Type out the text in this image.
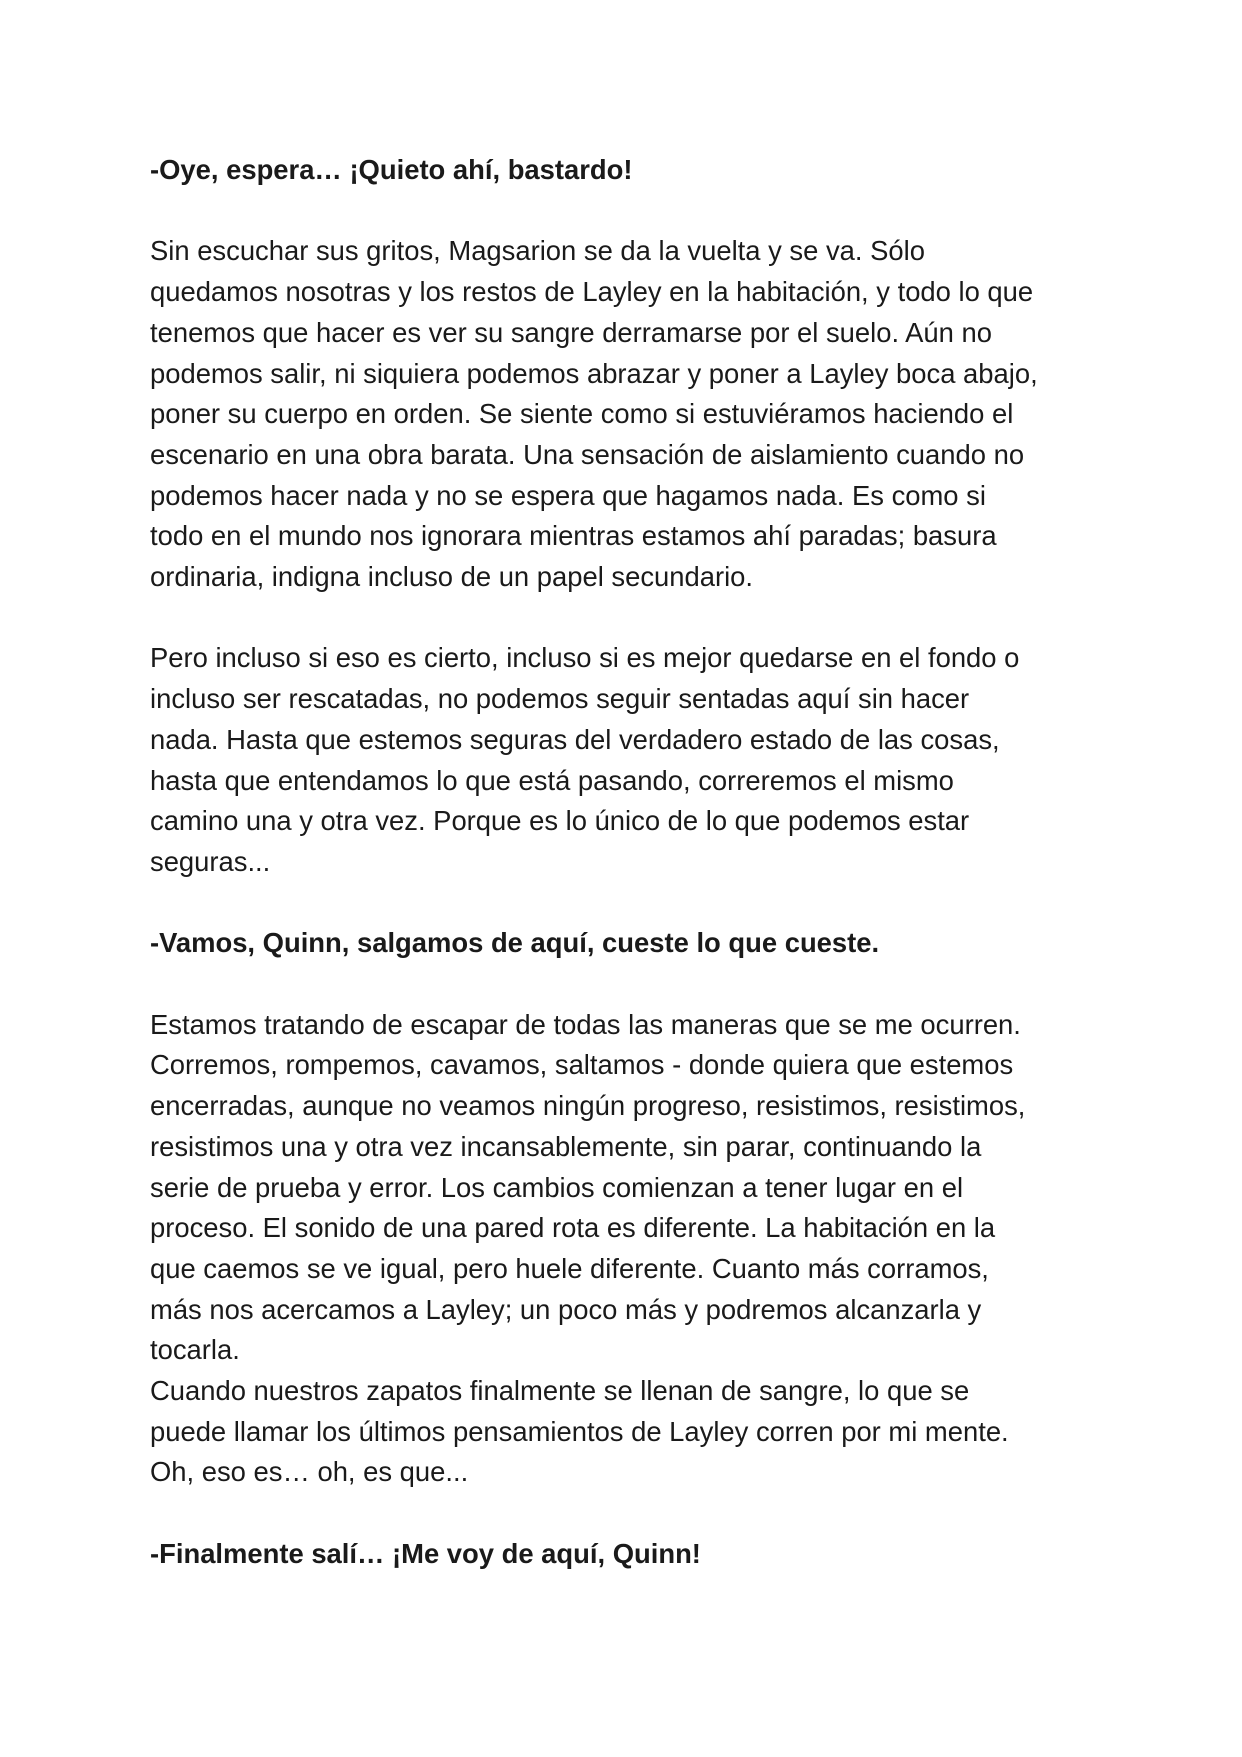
-Oye, espera… ¡Quieto ahí, bastardo!

Sin escuchar sus gritos, Magsarion se da la vuelta y se va. Sólo
quedamos nosotras y los restos de Layley en la habitación, y todo lo que
tenemos que hacer es ver su sangre derramarse por el suelo. Aún no
podemos salir, ni siquiera podemos abrazar y poner a Layley boca abajo,
poner su cuerpo en orden. Se siente como si estuviéramos haciendo el
escenario en una obra barata. Una sensación de aislamiento cuando no
podemos hacer nada y no se espera que hagamos nada. Es como si
todo en el mundo nos ignorara mientras estamos ahí paradas; basura
ordinaria, indigna incluso de un papel secundario.

Pero incluso si eso es cierto, incluso si es mejor quedarse en el fondo o
incluso ser rescatadas, no podemos seguir sentadas aquí sin hacer
nada. Hasta que estemos seguras del verdadero estado de las cosas,
hasta que entendamos lo que está pasando, correremos el mismo
camino una y otra vez. Porque es lo único de lo que podemos estar
seguras...

-Vamos, Quinn, salgamos de aquí, cueste lo que cueste.

Estamos tratando de escapar de todas las maneras que se me ocurren.
Corremos, rompemos, cavamos, saltamos - donde quiera que estemos
encerradas, aunque no veamos ningún progreso, resistimos, resistimos,
resistimos una y otra vez incansablemente, sin parar, continuando la
serie de prueba y error. Los cambios comienzan a tener lugar en el
proceso. El sonido de una pared rota es diferente. La habitación en la
que caemos se ve igual, pero huele diferente. Cuanto más corramos,
más nos acercamos a Layley; un poco más y podremos alcanzarla y
tocarla.

Cuando nuestros zapatos finalmente se llenan de sangre, lo que se
puede llamar los últimos pensamientos de Layley corren por mi mente.
Oh, eso es… oh, es que...

-Finalmente salí… ¡Me voy de aquí, Quinn!
